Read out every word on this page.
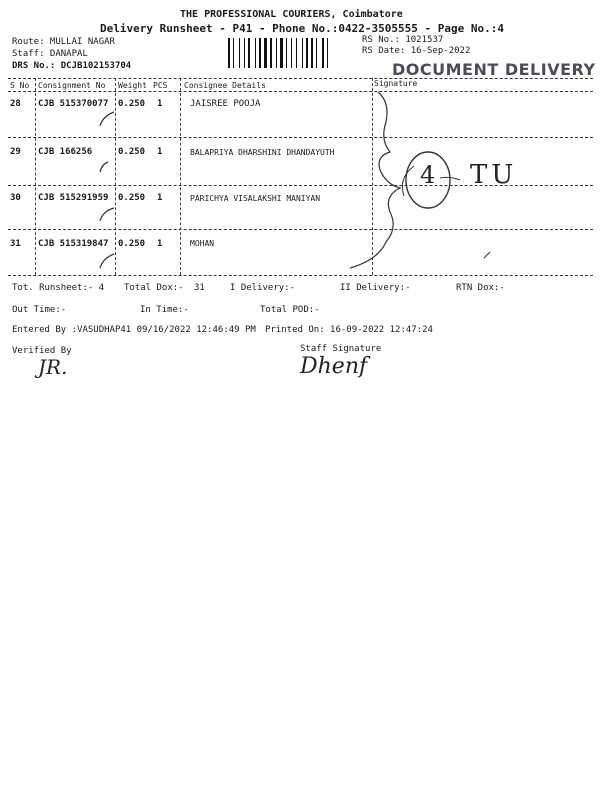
THE PROFESSIONAL COURIERS, Coimbatore
Delivery Runsheet - P41 - Phone No.:0422-3505555 - Page No.:4
Route: MULLAI NAGAR
Staff: DANAPAL
DRS No.: DCJB102153704
RS No.: 1021537
RS Date: 16-Sep-2022
DOCUMENT DELIVERY
S No Consignment No Weight PCS Consignee Details	Signature
28 CJB 515370077 0.250 1	JAISREE POOJA
29 CJB 166256	0.250 1	BALAPRIYA DHARSHINI DHANDAYUTH
30 CJB 515291959 0.250 1	PARICHYA VISALAKSHI MANIYAN
31 CJB 515319847 0.250 1	MOHAN
Tot. Runsheet:- 4 Total Dox:- 31	I Delivery:-	II Delivery:-	RTN Dox:-
Out Time:-	In Time:-	Total POD:-
Entered By :VASUDHAP41 09/16/2022 12:46:49 PM Printed On: 16-09-2022 12:47:24
Verified By	Staff Signature
4 TU
JR.	Dhenf
